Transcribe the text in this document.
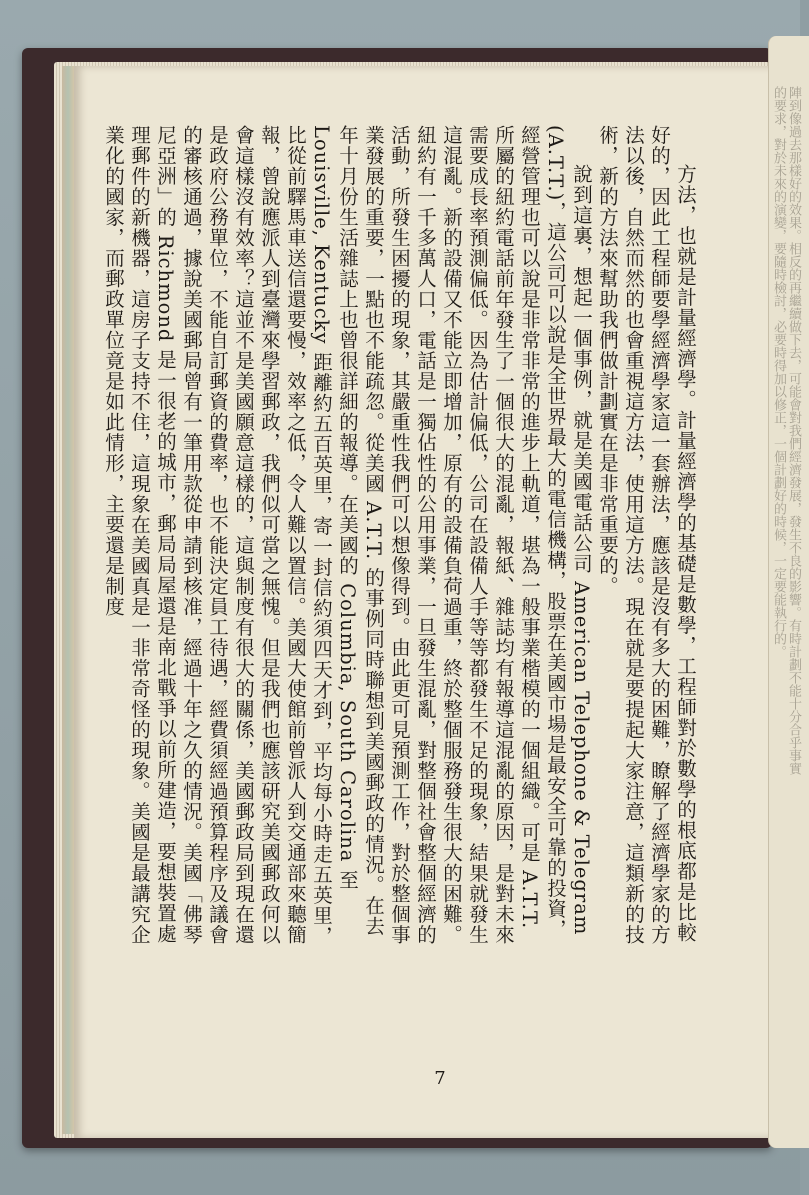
陣到像過去那樣好的效果。相反的再繼續做下去，可能會對我們經濟發展，發生不良的影響。有時計劃不能十分合乎事實的要求，對於未來的演變，要隨時檢討，必要時得加以修正，一個計劃好的時候，一定要能執行的。

方法，也就是計量經濟學。計量經濟學的基礎是數學，工程師對於數學的根底都是比較好的，因此工程師要學經濟學家這一套辦法，應該是沒有多大的困難，瞭解了經濟學家的方法以後，自然而然的也會重視這方法，使用這方法。現在就是要提起大家注意，這類新的技術，新的方法來幫助我們做計劃實在是非常重要的。

說到這裏，想起一個事例，就是美國電話公司 American Telephone & Telegram (A.T.T.)，這公司可以說是全世界最大的電信機構，股票在美國市場是最安全可靠的投資，經營管理也可以說是非常非常的進步上軌道，堪為一般事業楷模的一個組織。可是 A.T.T. 所屬的紐約電話前年發生了一個很大的混亂，報紙、雜誌均有報導這混亂的原因，是對未來需要成長率預測偏低。因為估計偏低，公司在設備人手等等都發生不足的現象，結果就發生這混亂。新的設備又不能立即增加，原有的設備負荷過重，終於整個服務發生很大的困難。紐約有一千多萬人口，電話是一獨佔性的公用事業，一旦發生混亂，對整個社會整個經濟的活動，所發生困擾的現象，其嚴重性我們可以想像得到。由此更可見預測工作，對於整個事業發展的重要，一點也不能疏忽。從美國 A.T.T. 的事例同時聯想到美國郵政的情況。在去年十月份生活雜誌上也曾很詳細的報導。在美國的 Columbia, South Carolina 至 Louisville, Kentucky 距離約五百英里，寄一封信約須四天才到，平均每小時走五英里，比從前驛馬車送信還要慢，效率之低，令人難以置信。美國大使館前曾派人到交通部來聽簡報，曾說應派人到臺灣來學習郵政，我們似可當之無愧。但是我們也應該研究美國郵政何以會這樣沒有效率？這並不是美國願意這樣的，這與制度有很大的關係，美國郵政局到現在還是政府公務單位，不能自訂郵資的費率，也不能決定員工待遇，經費須經過預算程序及議會的審核通過，據說美國郵局曾有一筆用款從申請到核准，經過十年之久的情況。美國「佛琴尼亞洲」的 Richmond 是一很老的城市，郵局局屋還是南北戰爭以前所建造，要想裝置處理郵件的新機器，這房子支持不住，這現象在美國真是一非常奇怪的現象。美國是最講究企業化的國家，而郵政單位竟是如此情形，主要還是制度

7
